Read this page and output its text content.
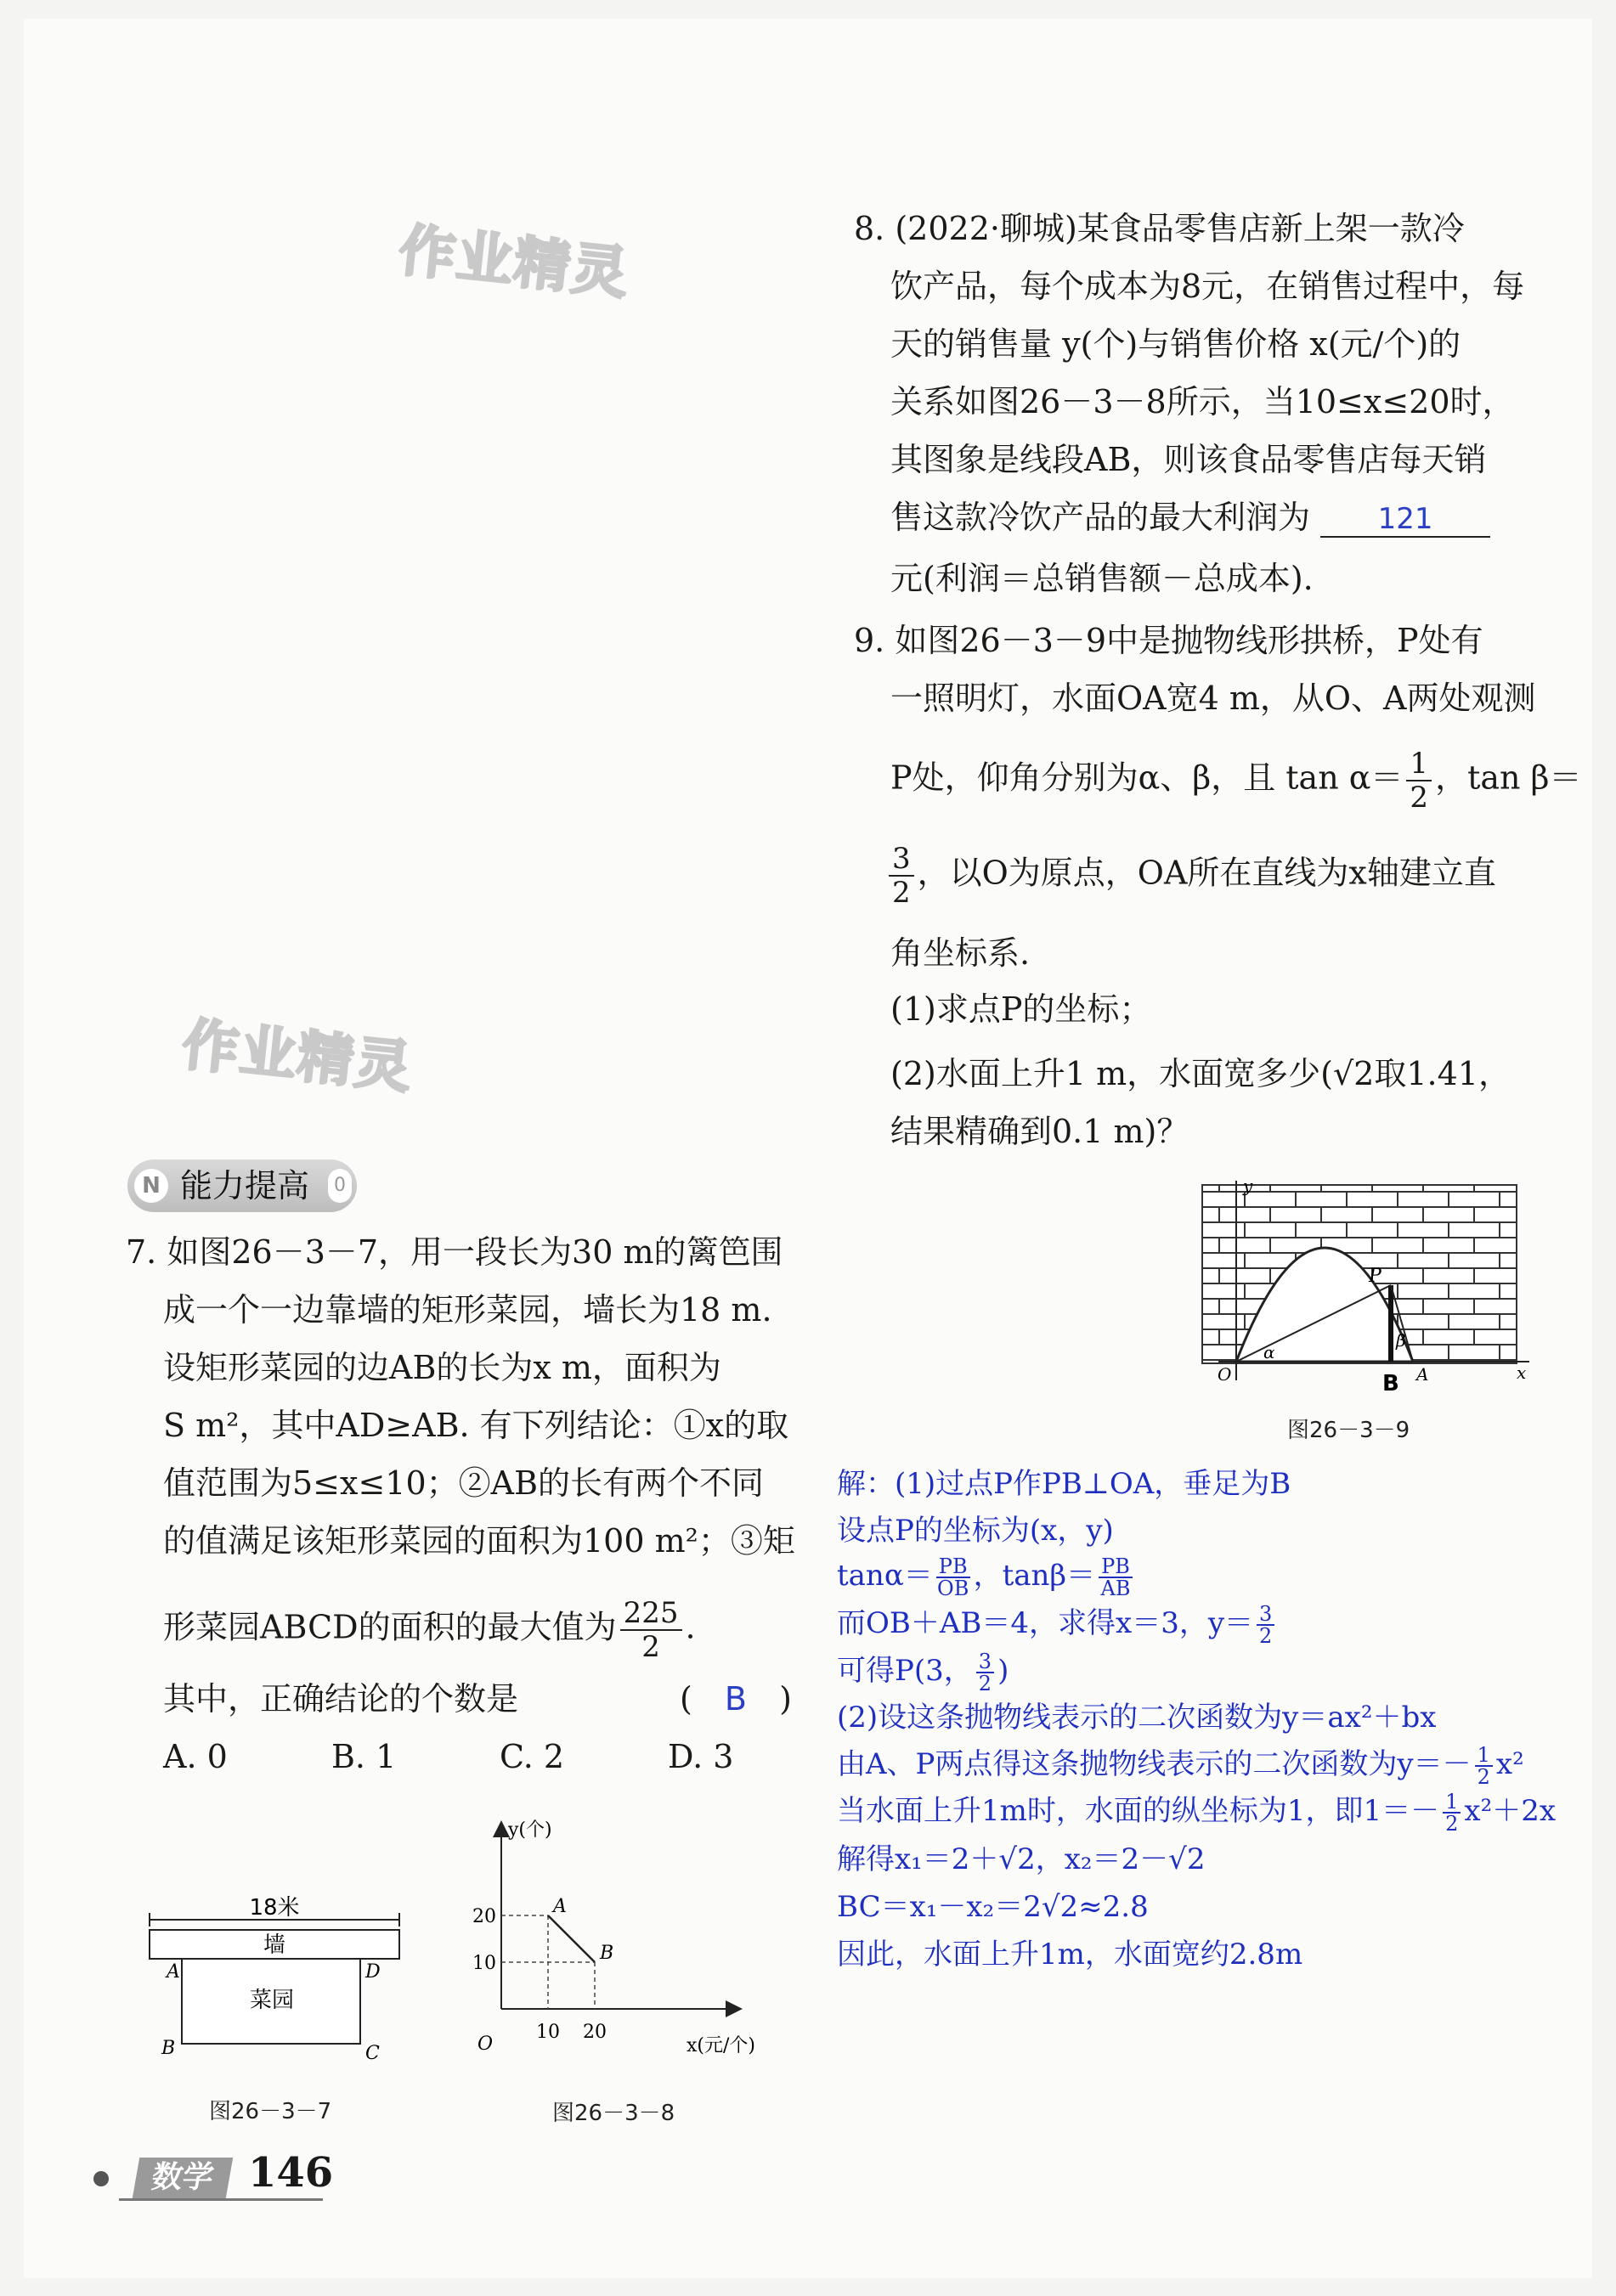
作业精灵
作业精灵
8. (2022·聊城)某食品零售店新上架一款冷
饮产品，每个成本为8元，在销售过程中，每
天的销售量 y(个)与销售价格 x(元/个)的
关系如图26－3－8所示，当10≤x≤20时，
其图象是线段AB，则该食品零售店每天销
售这款冷饮产品的最大利润为 121
元(利润＝总销售额－总成本).
9. 如图26－3－9中是抛物线形拱桥，P处有
一照明灯，水面OA宽4 m，从O、A两处观测
P处，仰角分别为α、β，且 $\tan \alpha= \frac{1}{2}$ ，tan β＝
$\frac{3}{2}$ ，以O为原点，OA所在直线为x轴建立直
角坐标系.
(1)求点P的坐标；
(2)水面上升1 m，水面宽多少(√2取1.41，
结果精确到0.1 m)？
y
x
O	A
P
B
α
β
图26－3－9
解：(1)过点P作PB⊥OA，垂足为B
设点P的坐标为(x，y)
$\tan\alpha= \frac{PB}{OB}$ ，$\tan\beta= \frac{PB}{AB}$
而OB＋AB＝4，求得x＝3，$y= \frac{3}{2}$
可得P(3， $\frac{3}{2}$ )
(2)设这条抛物线表示的二次函数为y＝ax²＋bx
由A、P两点得这条抛物线表示的二次函数为$y=- \frac{1}{2} x^2$
当水面上升1m时，水面的纵坐标为1，即$1=- \frac{1}{2} x^2+2x$
解得x₁＝2＋√2，x₂＝2－√2
BC＝x₁－x₂＝2√2≈2.8
因此，水面上升1m，水面宽约2.8m
N 能力提高	0
7. 如图26－3－7，用一段长为30 m的篱笆围
成一个一边靠墙的矩形菜园，墙长为18 m.
设矩形菜园的边AB的长为x m，面积为
S m²，其中AD≥AB. 有下列结论：①x的取
值范围为5≤x≤10；②AB的长有两个不同
的值满足该矩形菜园的面积为100 m²；③矩
形菜园ABCD的面积的最大值为 $\frac{225}{2}$ .
其中，正确结论的个数是	( B )
A. 0	B. 1	C. 2	D. 3
18米
墙
菜园
A	D
B	C
图26－3－7
A
B
10 20
10
20
y(个)
x(元/个)
O
图26－3－8
数学 146
